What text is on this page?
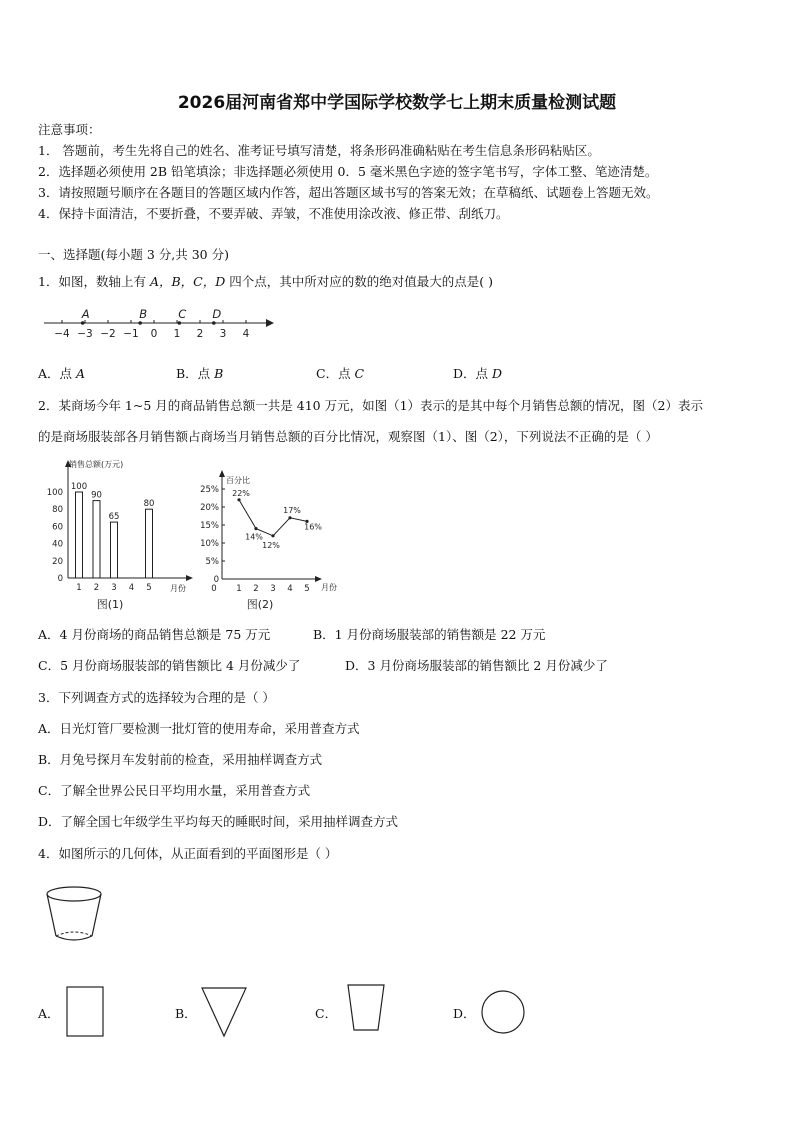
2026届河南省郑中学国际学校数学七上期末质量检测试题
注意事项：
1． 答题前，考生先将自己的姓名、准考证号填写清楚，将条形码准确粘贴在考生信息条形码粘贴区。
2．选择题必须使用 2B 铅笔填涂；非选择题必须使用 0．5 毫米黑色字迹的签字笔书写，字体工整、笔迹清楚。
3．请按照题号顺序在各题目的答题区域内作答，超出答题区域书写的答案无效；在草稿纸、试题卷上答题无效。
4．保持卡面清洁，不要折叠，不要弄破、弄皱，不准使用涂改液、修正带、刮纸刀。
一、选择题(每小题 3 分,共 30 分)
1．如图，数轴上有 A，B，C，D 四个点，其中所对应的数的绝对值最大的点是( )
−4 −3 −2 −1 0 1 2 3 4
A	B	C D
A．点 A	B．点 B	C．点 C	D．点 D
2．某商场今年 1~5 月的商品销售总额一共是 410 万元，如图（1）表示的是其中每个月销售总额的情况，图（2）表示
的是商场服装部各月销售额占商场当月销售总额的百分比情况，观察图（1）、图（2），下列说法不正确的是（ ）
销售总额(万元)
月份
0
20
40
60
80
100
1 2 3 4 5
100
90
65
80
图(1)
百分比
月份
0
5%
10%
15%
20%
25%
0 1 2 3 4 5
22%
14%
12%
17%
16%
图(2)
A．4 月份商场的商品销售总额是 75 万元	B．1 月份商场服装部的销售额是 22 万元
C．5 月份商场服装部的销售额比 4 月份减少了	D．3 月份商场服装部的销售额比 2 月份减少了
3．下列调查方式的选择较为合理的是（ ）
A．日光灯管厂要检测一批灯管的使用寿命，采用普查方式
B．月兔号探月车发射前的检查，采用抽样调查方式
C．了解全世界公民日平均用水量，采用普查方式
D．了解全国七年级学生平均每天的睡眠时间，采用抽样调查方式
4．如图所示的几何体，从正面看到的平面图形是（ ）
A．	B．	C．	D．
